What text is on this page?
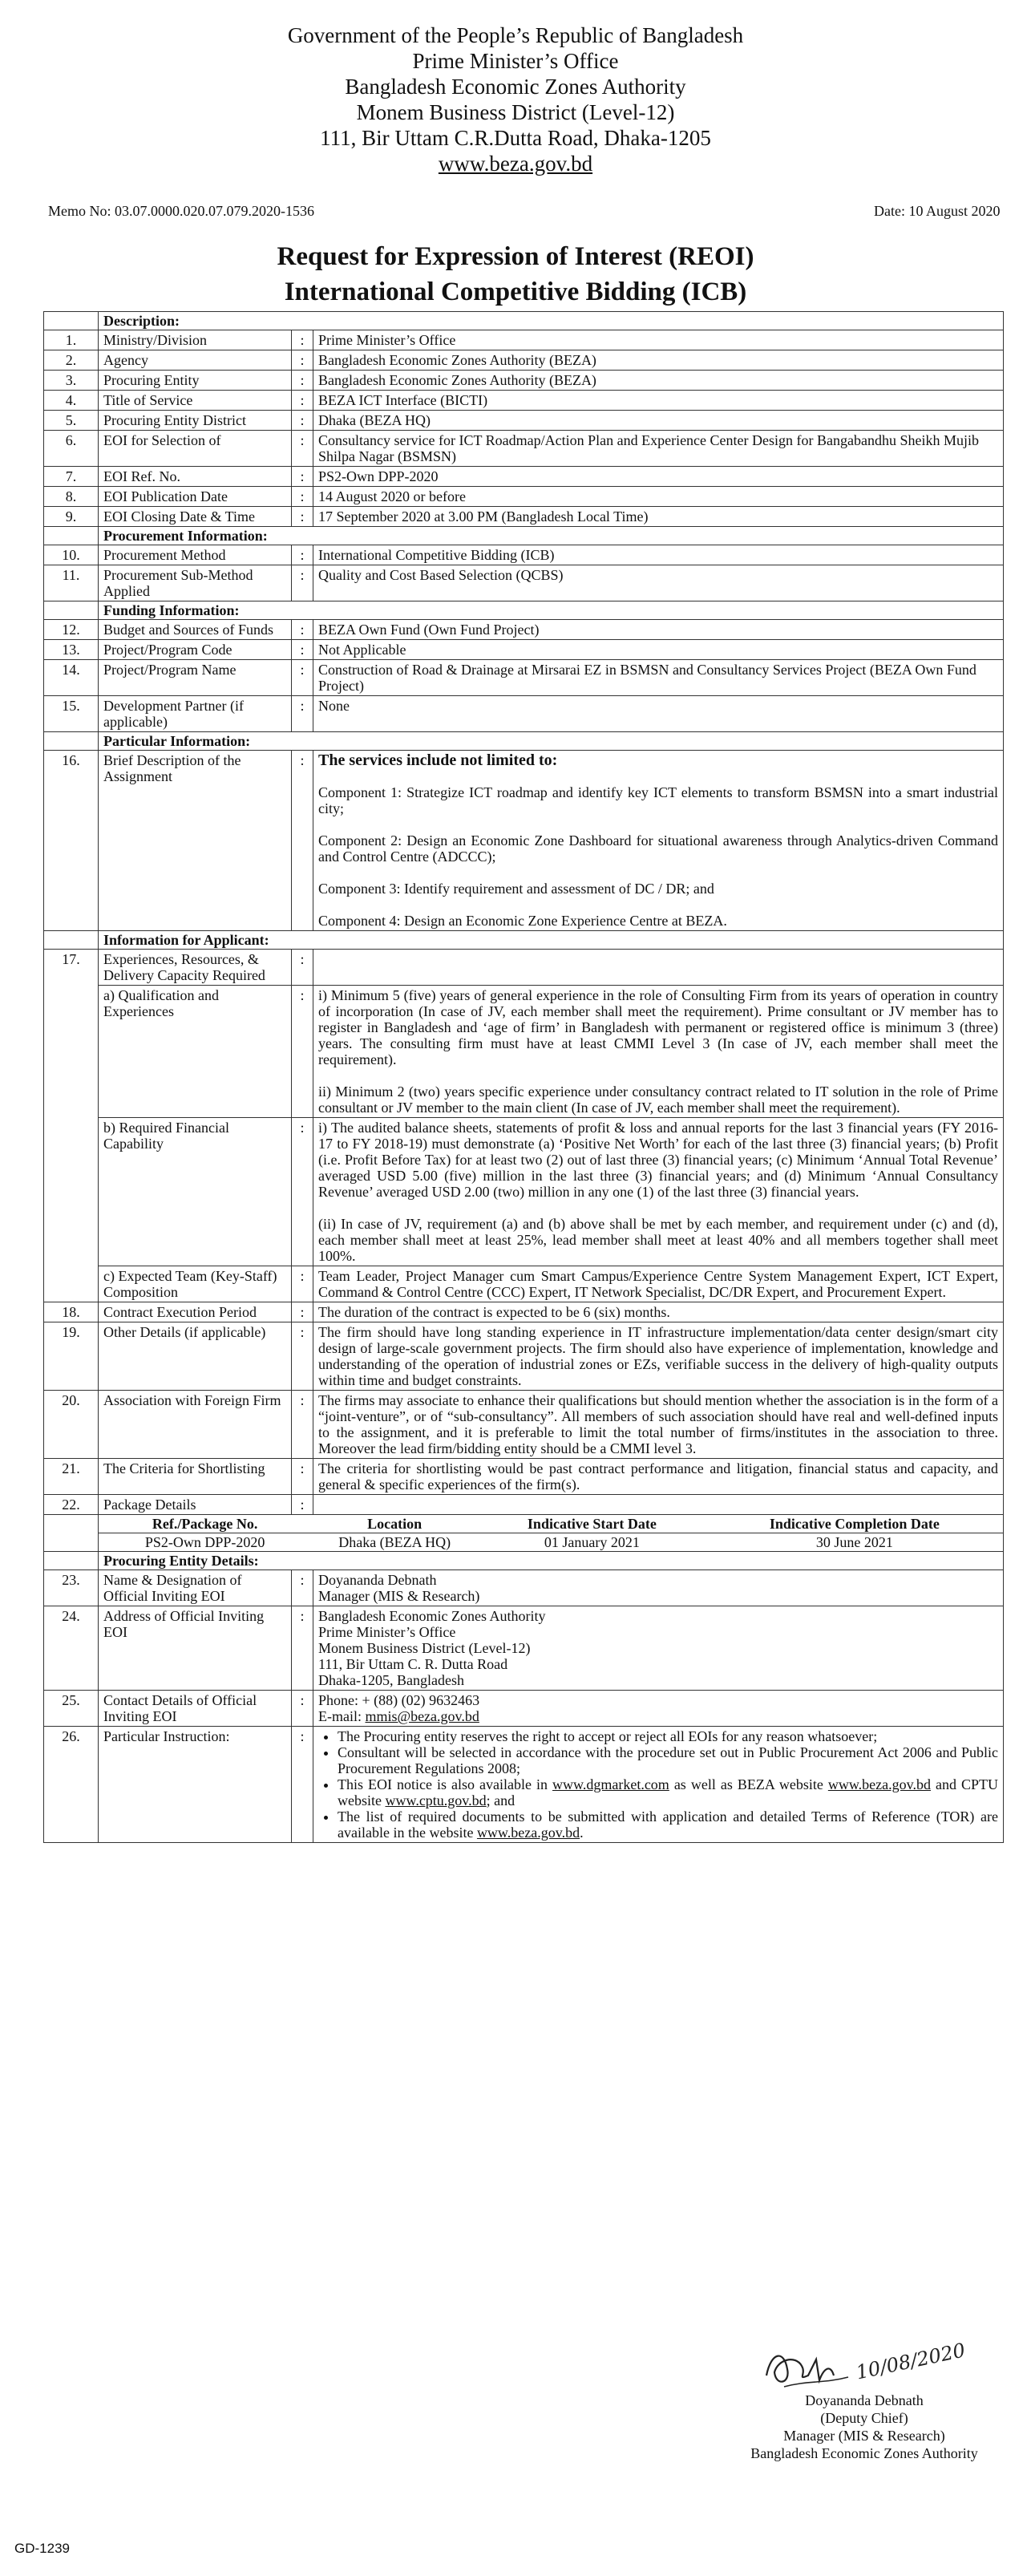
Government of the People’s Republic of Bangladesh
Prime Minister’s Office
Bangladesh Economic Zones Authority
Monem Business District (Level-12)
111, Bir Uttam C.R.Dutta Road, Dhaka-1205
www.beza.gov.bd
Memo No: 03.07.0000.020.07.079.2020-1536	Date: 10 August 2020
Request for Expression of Interest (REOI)
International Competitive Bidding (ICB)
	Description:
1.	Ministry/Division	:	Prime Minister’s Office
2.	Agency	:	Bangladesh Economic Zones Authority (BEZA)
3.	Procuring Entity	:	Bangladesh Economic Zones Authority (BEZA)
4.	Title of Service	:	BEZA ICT Interface (BICTI)
5.	Procuring Entity District	:	Dhaka (BEZA HQ)
6.	EOI for Selection of	:	Consultancy service for ICT Roadmap/Action Plan and Experience Center Design for Bangabandhu Sheikh Mujib Shilpa Nagar (BSMSN)
7.	EOI Ref. No.	:	PS2-Own DPP-2020
8.	EOI Publication Date	:	14 August 2020 or before
9.	EOI Closing Date & Time	:	17 September 2020 at 3.00 PM (Bangladesh Local Time)
	Procurement Information:
10.	Procurement Method	:	International Competitive Bidding (ICB)
11.	Procurement Sub-Method Applied	:	Quality and Cost Based Selection (QCBS)
	Funding Information:
12.	Budget and Sources of Funds	:	BEZA Own Fund (Own Fund Project)
13.	Project/Program Code	:	Not Applicable
14.	Project/Program Name	:	Construction of Road & Drainage at Mirsarai EZ in BSMSN and Consultancy Services Project (BEZA Own Fund Project)
15.	Development Partner (if applicable)	:	None
	Particular Information:
16.	Brief Description of the Assignment	:	The services include not limited to:

Component 1: Strategize ICT roadmap and identify key ICT elements to transform BSMSN into a smart industrial city;

Component 2: Design an Economic Zone Dashboard for situational awareness through Analytics-driven Command and Control Centre (ADCCC);

Component 3: Identify requirement and assessment of DC / DR; and

Component 4: Design an Economic Zone Experience Centre at BEZA.

	Information for Applicant:
17.	Experiences, Resources, & Delivery Capacity Required	:	
a) Qualification and Experiences	:	i) Minimum 5 (five) years of general experience in the role of Consulting Firm from its years of operation in country of incorporation (In case of JV, each member shall meet the requirement). Prime consultant or JV member has to register in Bangladesh and ‘age of firm’ in Bangladesh with permanent or registered office is minimum 3 (three) years. The consulting firm must have at least CMMI Level 3 (In case of JV, each member shall meet the requirement).

ii) Minimum 2 (two) years specific experience under consultancy contract related to IT solution in the role of Prime consultant or JV member to the main client (In case of JV, each member shall meet the requirement).

b) Required Financial Capability	:	i) The audited balance sheets, statements of profit & loss and annual reports for the last 3 financial years (FY 2016-17 to FY 2018-19) must demonstrate (a) ‘Positive Net Worth’ for each of the last three (3) financial years; (b) Profit (i.e. Profit Before Tax) for at least two (2) out of last three (3) financial years; (c) Minimum ‘Annual Total Revenue’ averaged USD 5.00 (five) million in the last three (3) financial years; and (d) Minimum ‘Annual Consultancy Revenue’ averaged USD 2.00 (two) million in any one (1) of the last three (3) financial years.

(ii) In case of JV, requirement (a) and (b) above shall be met by each member, and requirement under (c) and (d), each member shall meet at least 25%, lead member shall meet at least 40% and all members together shall meet 100%.

c) Expected Team (Key-Staff) Composition	:	Team Leader, Project Manager cum Smart Campus/Experience Centre System Management Expert, ICT Expert, Command & Control Centre (CCC) Expert, IT Network Specialist, DC/DR Expert, and Procurement Expert.
18.	Contract Execution Period	:	The duration of the contract is expected to be 6 (six) months.
19.	Other Details (if applicable)	:	The firm should have long standing experience in IT infrastructure implementation/data center design/smart city design of large-scale government projects. The firm should also have experience of implementation, knowledge and understanding of the operation of industrial zones or EZs, verifiable success in the delivery of high-quality outputs within time and budget constraints.
20.	Association with Foreign Firm	:	The firms may associate to enhance their qualifications but should mention whether the association is in the form of a “joint-venture”, or of “sub-consultancy”. All members of such association should have real and well-defined inputs to the assignment, and it is preferable to limit the total number of firms/institutes in the association to three. Moreover the lead firm/bidding entity should be a CMMI level 3.
21.	The Criteria for Shortlisting	:	The criteria for shortlisting would be past contract performance and litigation, financial status and capacity, and general & specific experiences of the firm(s).
22.	Package Details	:	

Ref./Package No.	Location	Indicative Start Date	Indicative Completion Date
PS2-Own DPP-2020	Dhaka (BEZA HQ)	01 January 2021	30 June 2021

	Procuring Entity Details:
23.	Name & Designation of Official Inviting EOI	:	Doyananda Debnath
Manager (MIS & Research)

24.	Address of Official Inviting EOI	:	Bangladesh Economic Zones Authority
Prime Minister’s Office
Monem Business District (Level-12)
111, Bir Uttam C. R. Dutta Road
Dhaka-1205, Bangladesh

25.	Contact Details of Official Inviting EOI	:	Phone: + (88) (02) 9632463
E-mail: mmis@beza.gov.bd

26.	Particular Instruction:	:	
•The Procuring entity reserves the right to accept or reject all EOIs for any reason whatsoever;
• Consultant will be selected in accordance with the procedure set out in Public Procurement Act 2006 and Public Procurement Regulations 2008;
• This EOI notice is also available in www.dgmarket.com as well as BEZA website www.beza.gov.bd and CPTU website www.cptu.gov.bd; and
• The list of required documents to be submitted with application and detailed Terms of Reference (TOR) are available in the website www.beza.gov.bd.
10/08/2020
Doyananda Debnath
(Deputy Chief)
Manager (MIS & Research)
Bangladesh Economic Zones Authority
GD-1239
